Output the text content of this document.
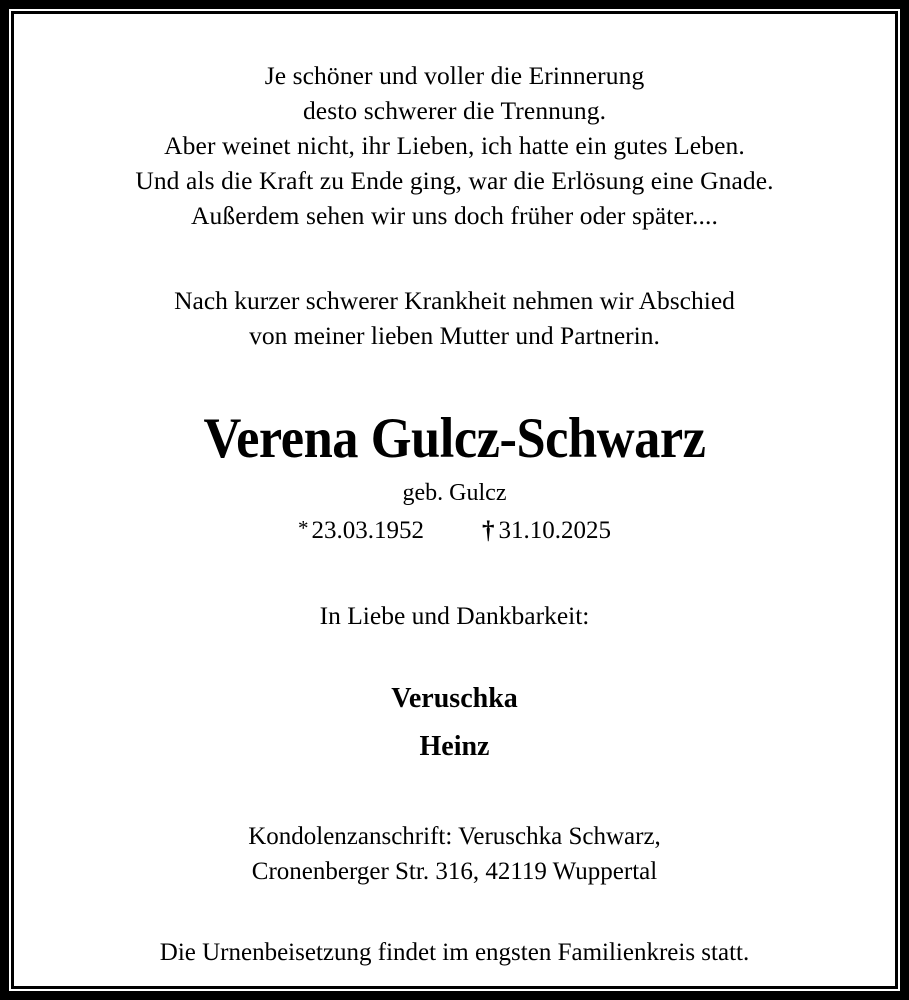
Je schöner und voller die Erinnerung
desto schwerer die Trennung.
Aber weinet nicht, ihr Lieben, ich hatte ein gutes Leben.
Und als die Kraft zu Ende ging, war die Erlösung eine Gnade.
Außerdem sehen wir uns doch früher oder später....
Nach kurzer schwerer Krankheit nehmen wir Abschied
von meiner lieben Mutter und Partnerin.
Verena Gulcz-Schwarz
geb. Gulcz
* 23.03.1952 † 31.10.2025
In Liebe und Dankbarkeit:
Veruschka
Heinz
Kondolenzanschrift: Veruschka Schwarz,
Cronenberger Str. 316, 42119 Wuppertal
Die Urnenbeisetzung findet im engsten Familienkreis statt.
